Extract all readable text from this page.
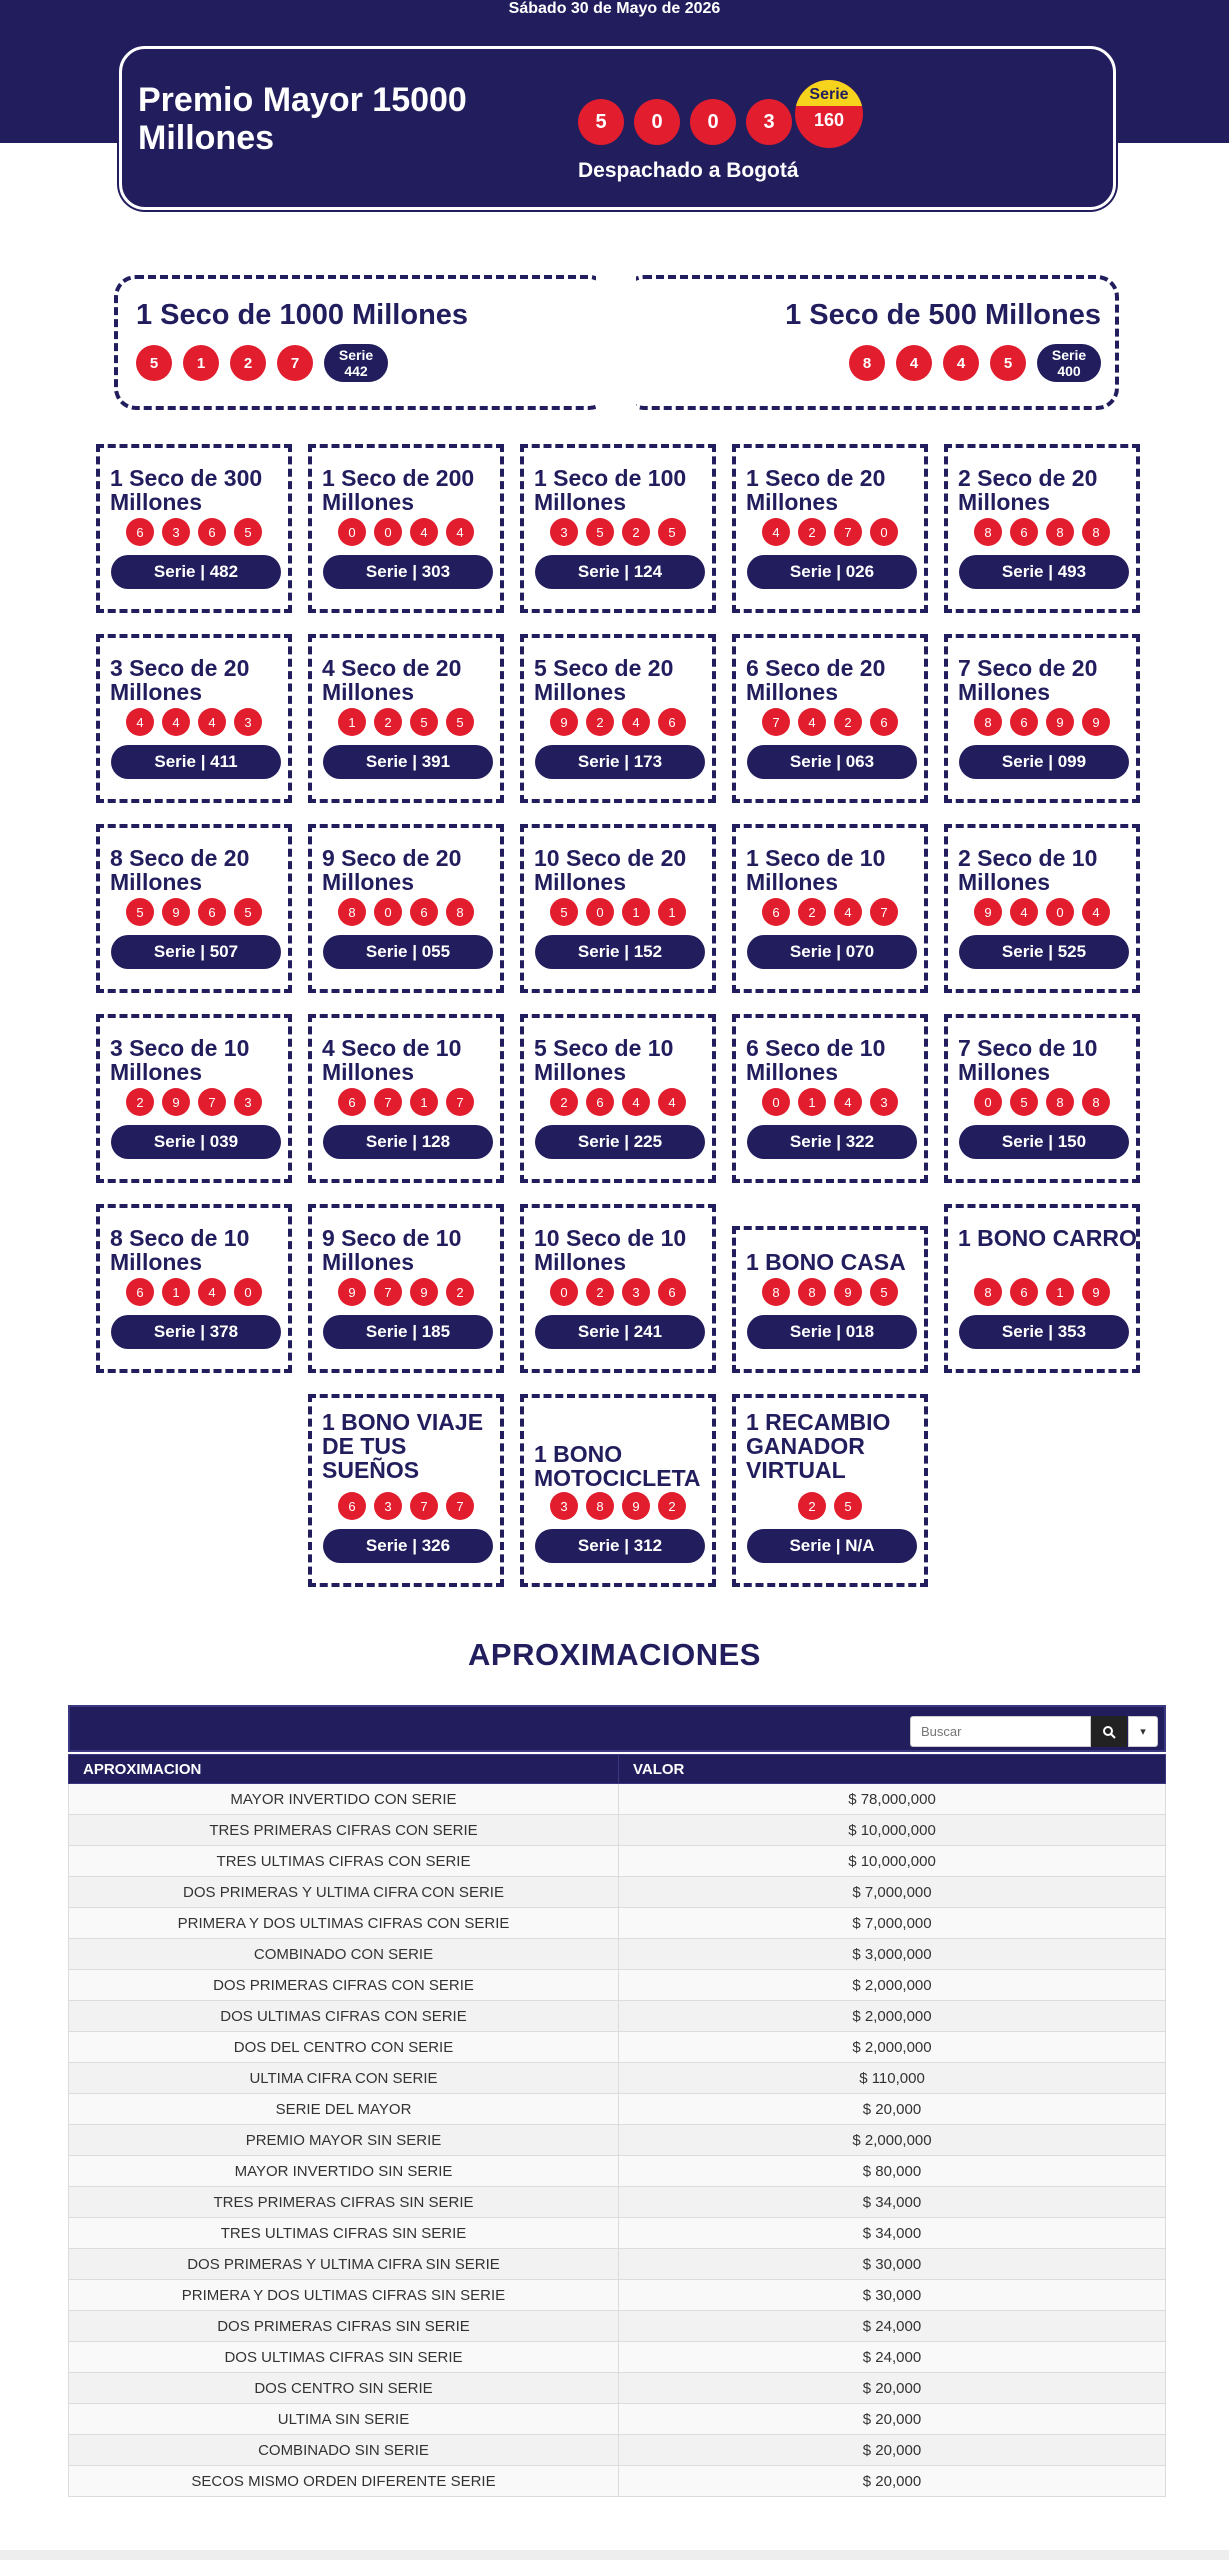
Sábado 30 de Mayo de 2026
Premio Mayor 15000 Millones	5	0	0	3
Serie
160
Despachado a Bogotá
1 Seco de 1000 Millones
5	1	2	7	Serie
442
1 Seco de 500 Millones
8	4	4	5	Serie
400
1 Seco de 300 Millones
6	3	6	5
Serie | 482
1 Seco de 200 Millones
0	0	4	4
Serie | 303
1 Seco de 100 Millones
3	5	2	5
Serie | 124
1 Seco de 20 Millones
4	2	7	0
Serie | 026
2 Seco de 20 Millones
8	6	8	8
Serie | 493
3 Seco de 20 Millones
4	4	4	3
Serie | 411
4 Seco de 20 Millones
1	2	5	5
Serie | 391
5 Seco de 20 Millones
9	2	4	6
Serie | 173
6 Seco de 20 Millones
7	4	2	6
Serie | 063
7 Seco de 20 Millones
8	6	9	9
Serie | 099
8 Seco de 20 Millones
5	9	6	5
Serie | 507
9 Seco de 20 Millones
8	0	6	8
Serie | 055
10 Seco de 20 Millones
5	0	1	1
Serie | 152
1 Seco de 10 Millones
6	2	4	7
Serie | 070
2 Seco de 10 Millones
9	4	0	4
Serie | 525
3 Seco de 10 Millones
2	9	7	3
Serie | 039
4 Seco de 10 Millones
6	7	1	7
Serie | 128
5 Seco de 10 Millones
2	6	4	4
Serie | 225
6 Seco de 10 Millones
0	1	4	3
Serie | 322
7 Seco de 10 Millones
0	5	8	8
Serie | 150
8 Seco de 10 Millones
6	1	4	0
Serie | 378
9 Seco de 10 Millones
9	7	9	2
Serie | 185
10 Seco de 10 Millones
0	2	3	6
Serie | 241
1 BONO CASA
8	8	9	5
Serie | 018
1 BONO CARRO
8	6	1	9
Serie | 353
1 BONO VIAJE DE TUS SUEÑOS
6	3	7	7
Serie | 326
1 BONO MOTOCICLETA
3	8	9	2
Serie | 312
1 RECAMBIO GANADOR VIRTUAL
2	5
Serie | N/A
APROXIMACIONES
Buscar
▾
APROXIMACION	VALOR
MAYOR INVERTIDO CON SERIE	$ 78,000,000
TRES PRIMERAS CIFRAS CON SERIE	$ 10,000,000
TRES ULTIMAS CIFRAS CON SERIE	$ 10,000,000
DOS PRIMERAS Y ULTIMA CIFRA CON SERIE	$ 7,000,000
PRIMERA Y DOS ULTIMAS CIFRAS CON SERIE	$ 7,000,000
COMBINADO CON SERIE	$ 3,000,000
DOS PRIMERAS CIFRAS CON SERIE	$ 2,000,000
DOS ULTIMAS CIFRAS CON SERIE	$ 2,000,000
DOS DEL CENTRO CON SERIE	$ 2,000,000
ULTIMA CIFRA CON SERIE	$ 110,000
SERIE DEL MAYOR	$ 20,000
PREMIO MAYOR SIN SERIE	$ 2,000,000
MAYOR INVERTIDO SIN SERIE	$ 80,000
TRES PRIMERAS CIFRAS SIN SERIE	$ 34,000
TRES ULTIMAS CIFRAS SIN SERIE	$ 34,000
DOS PRIMERAS Y ULTIMA CIFRA SIN SERIE	$ 30,000
PRIMERA Y DOS ULTIMAS CIFRAS SIN SERIE	$ 30,000
DOS PRIMERAS CIFRAS SIN SERIE	$ 24,000
DOS ULTIMAS CIFRAS SIN SERIE	$ 24,000
DOS CENTRO SIN SERIE	$ 20,000
ULTIMA SIN SERIE	$ 20,000
COMBINADO SIN SERIE	$ 20,000
SECOS MISMO ORDEN DIFERENTE SERIE	$ 20,000
